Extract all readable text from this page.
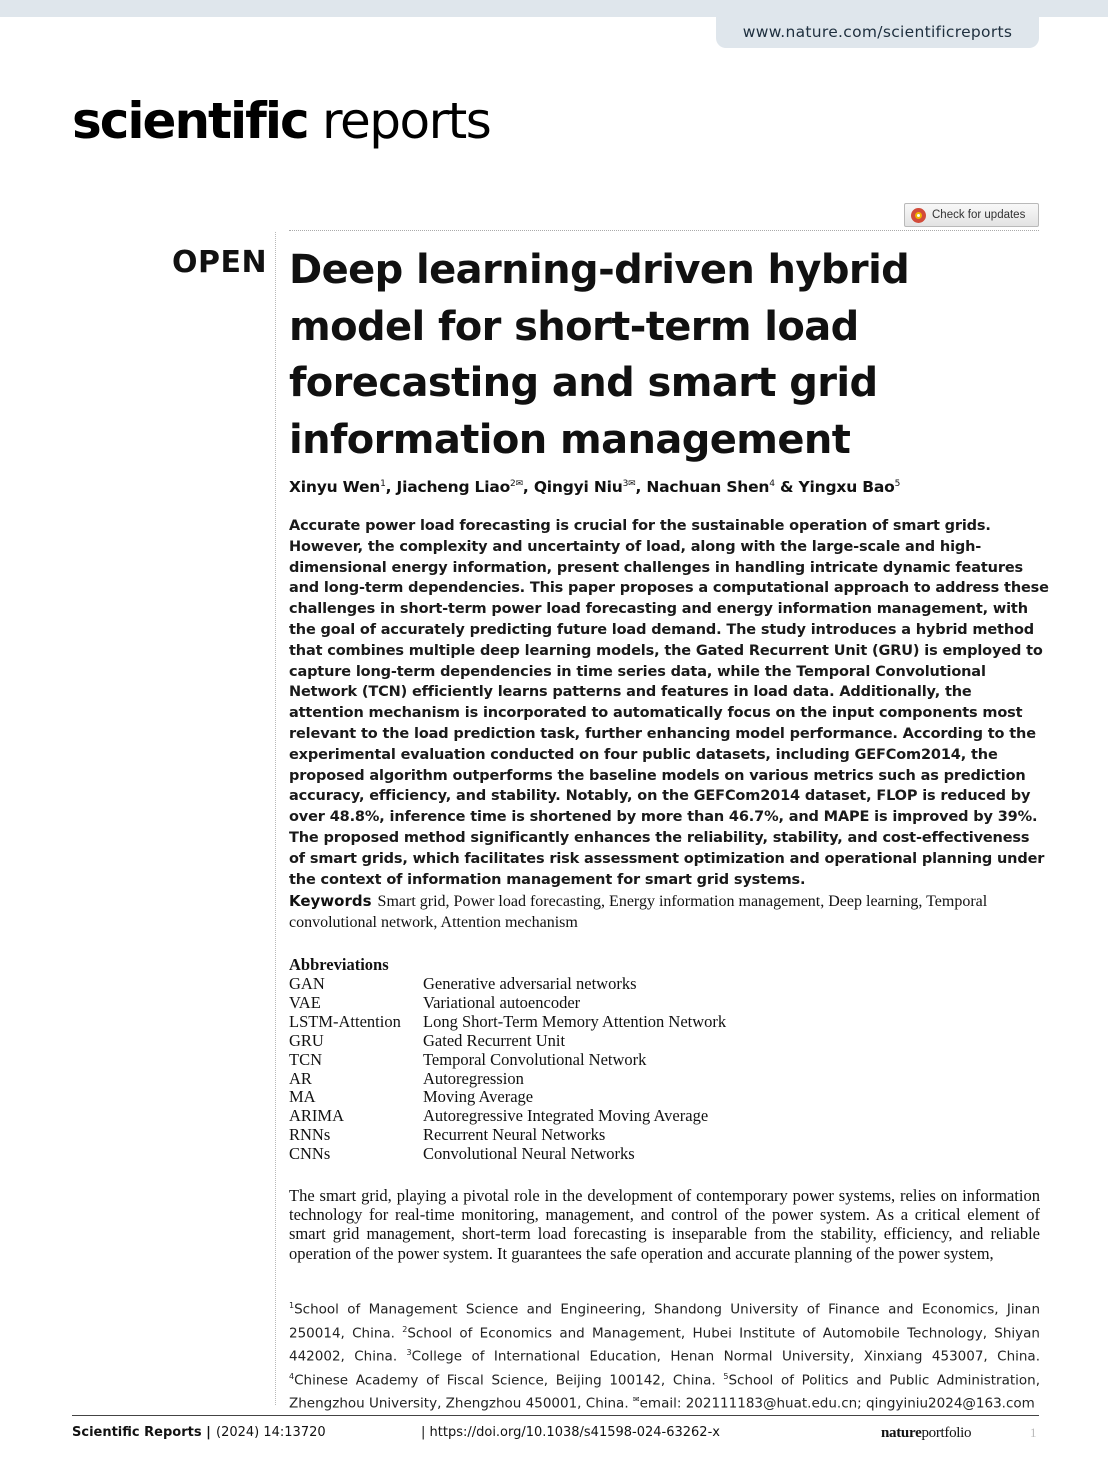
www.nature.com/scientificreports
scientific reports
Check for updates
OPEN Deep learning-driven hybrid model for short-term load forecasting and smart grid information management
Xinyu Wen$^1$, Jiacheng Liao$^{2✉}$, Qingyi Niu$^{3✉}$, Nachuan Shen$^4$ & Yingxu Bao$^5$

Accurate power load forecasting is crucial for the sustainable operation of smart grids. However, the complexity and uncertainty of load, along with the large-scale and high-dimensional energy information, present challenges in handling intricate dynamic features and long-term dependencies. This paper proposes a computational approach to address these challenges in short-term power load forecasting and energy information management, with the goal of accurately predicting future load demand. The study introduces a hybrid method that combines multiple deep learning models, the Gated Recurrent Unit (GRU) is employed to capture long-term dependencies in time series data, while the Temporal Convolutional Network (TCN) efficiently learns patterns and features in load data. Additionally, the attention mechanism is incorporated to automatically focus on the input components most relevant to the load prediction task, further enhancing model performance. According to the experimental evaluation conducted on four public datasets, including GEFCom2014, the proposed algorithm outperforms the baseline models on various metrics such as prediction accuracy, efficiency, and stability. Notably, on the GEFCom2014 dataset, FLOP is reduced by over 48.8%, inference time is shortened by more than 46.7%, and MAPE is improved by 39%. The proposed method significantly enhances the reliability, stability, and cost-effectiveness of smart grids, which facilitates risk assessment optimization and operational planning under the context of information management for smart grid systems.

Keywords Smart grid, Power load forecasting, Energy information management, Deep learning, Temporal convolutional network, Attention mechanism

Abbreviations
GAN	Generative adversarial networks
VAE	Variational autoencoder
LSTM-Attention	Long Short-Term Memory Attention Network
GRU	Gated Recurrent Unit
TCN	Temporal Convolutional Network
AR	Autoregression
MA	Moving Average
ARIMA	Autoregressive Integrated Moving Average
RNNs	Recurrent Neural Networks
CNNs	Convolutional Neural Networks

The smart grid, playing a pivotal role in the development of contemporary power systems, relies on information technology for real-time monitoring, management, and control of the power system. As a critical element of smart grid management, short-term load forecasting is inseparable from the stability, efficiency, and reliable operation of the power system. It guarantees the safe operation and accurate planning of the power system,

$^1$School of Management Science and Engineering, Shandong University of Finance and Economics, Jinan 250014, China. $^2$School of Economics and Management, Hubei Institute of Automobile Technology, Shiyan 442002, China. $^3$College of International Education, Henan Normal University, Xinxiang 453007, China. $^4$Chinese Academy of Fiscal Science, Beijing 100142, China. $^5$School of Politics and Public Administration, Zhengzhou University, Zhengzhou 450001, China. ✉email: 202111183@huat.edu.cn; qingyiniu2024@163.com

Scientific Reports | (2024) 14:13720	| https://doi.org/10.1038/s41598-024-63262-x	natureportfolio	1
